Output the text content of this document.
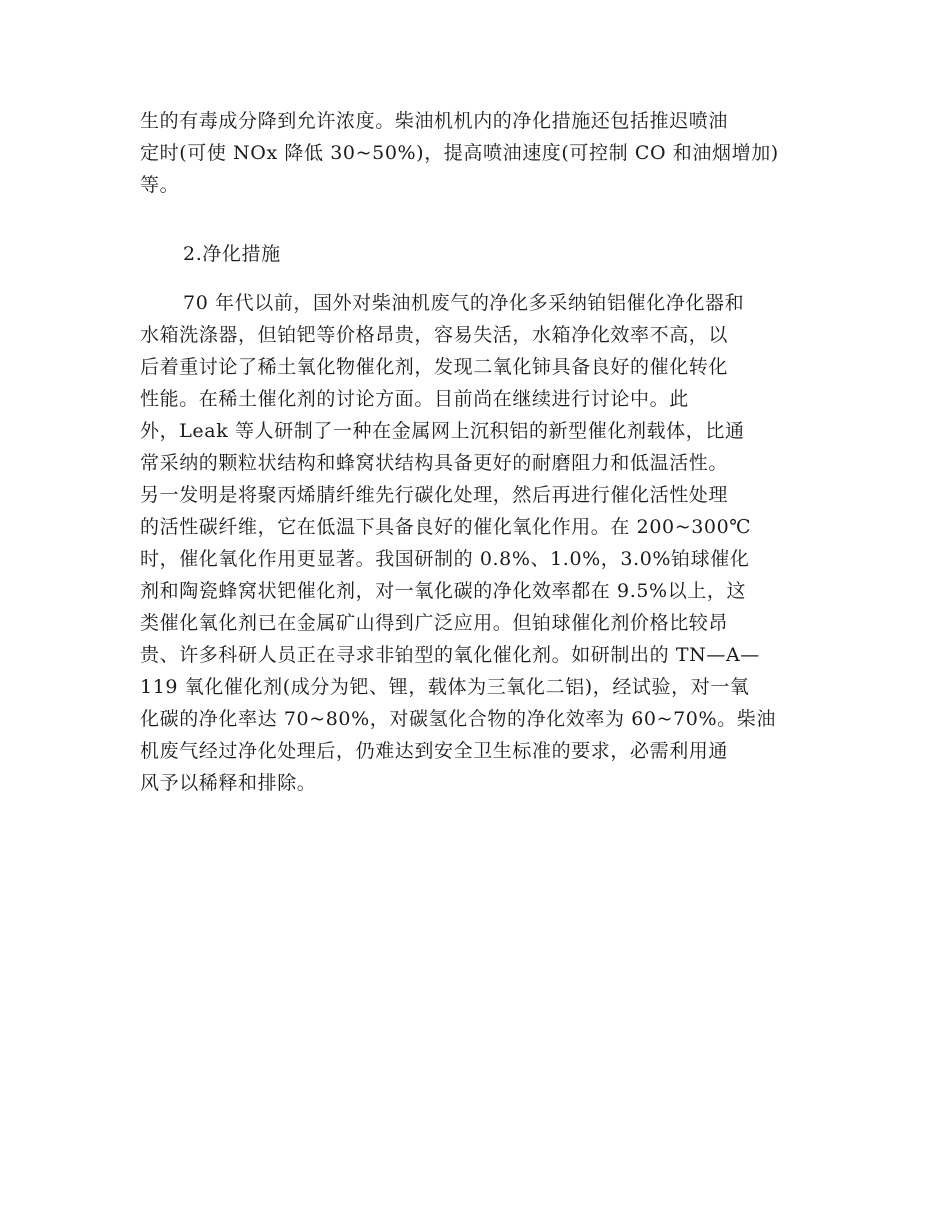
生的有毒成分降到允许浓度。柴油机机内的净化措施还包括推迟喷油
定时(可使 NOx 降低 30~50%)，提高喷油速度(可控制 CO 和油烟增加)
等。
2.净化措施
70 年代以前，国外对柴油机废气的净化多采纳铂铝催化净化器和
水箱洗涤器，但铂钯等价格昂贵，容易失活，水箱净化效率不高，以
后着重讨论了稀土氧化物催化剂，发现二氧化铈具备良好的催化转化
性能。在稀土催化剂的讨论方面。目前尚在继续进行讨论中。此
外，Leak 等人研制了一种在金属网上沉积铝的新型催化剂载体，比通
常采纳的颗粒状结构和蜂窝状结构具备更好的耐磨阻力和低温活性。
另一发明是将聚丙烯腈纤维先行碳化处理，然后再进行催化活性处理
的活性碳纤维，它在低温下具备良好的催化氧化作用。在 200~300℃
时，催化氧化作用更显著。我国研制的 0.8%、1.0%，3.0%铂球催化
剂和陶瓷蜂窝状钯催化剂，对一氧化碳的净化效率都在 9.5%以上，这
类催化氧化剂已在金属矿山得到广泛应用。但铂球催化剂价格比较昂
贵、许多科研人员正在寻求非铂型的氧化催化剂。如研制出的 TN—A—
119 氧化催化剂(成分为钯、锂，载体为三氧化二铝)，经试验，对一氧
化碳的净化率达 70~80%，对碳氢化合物的净化效率为 60~70%。柴油
机废气经过净化处理后，仍难达到安全卫生标准的要求，必需利用通
风予以稀释和排除。
